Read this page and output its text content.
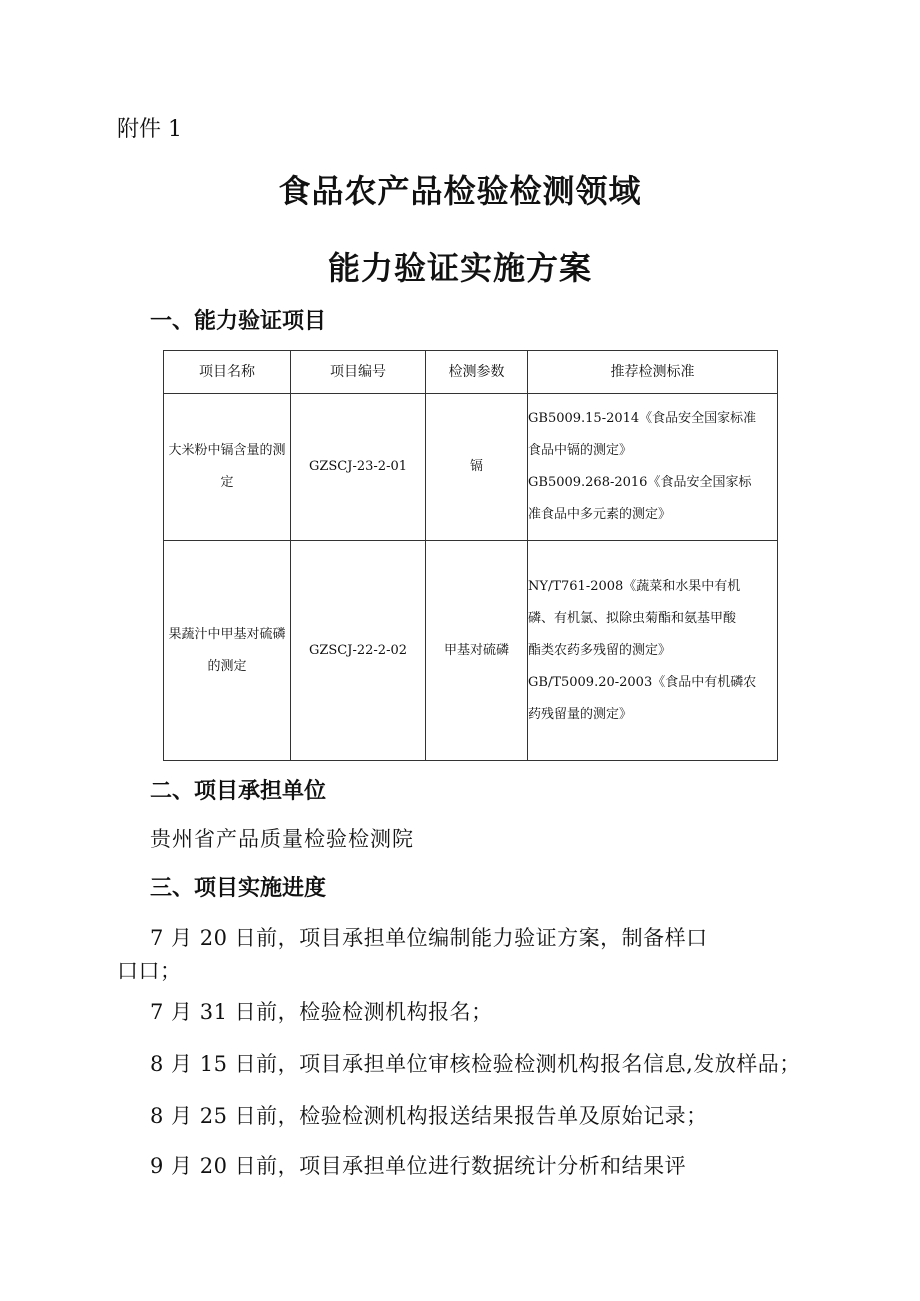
附件 1
食品农产品检验检测领域
能力验证实施方案
一、能力验证项目
项目名称	项目编号	检测参数	推荐检测标准
大米粉中镉含量的测定	GZSCJ-23-2-01	镉	GB5009.15-2014《食品安全国家标准
食品中镉的测定》
GB5009.268-2016《食品安全国家标
准食品中多元素的测定》

果蔬汁中甲基对硫磷的测定	GZSCJ-22-2-02	甲基对硫磷	NY/T761-2008《蔬菜和水果中有机
磷、有机氯、拟除虫菊酯和氨基甲酸
酯类农药多残留的测定》
GB/T5009.20-2003《食品中有机磷农
药残留量的测定》
二、项目承担单位
贵州省产品质量检验检测院
三、项目实施进度
7 月 20 日前，项目承担单位编制能力验证方案，制备样口
口口；
7 月 31 日前，检验检测机构报名；
8 月 15 日前，项目承担单位审核检验检测机构报名信息,发放样品；
8 月 25 日前，检验检测机构报送结果报告单及原始记录；
9 月 20 日前，项目承担单位进行数据统计分析和结果评
